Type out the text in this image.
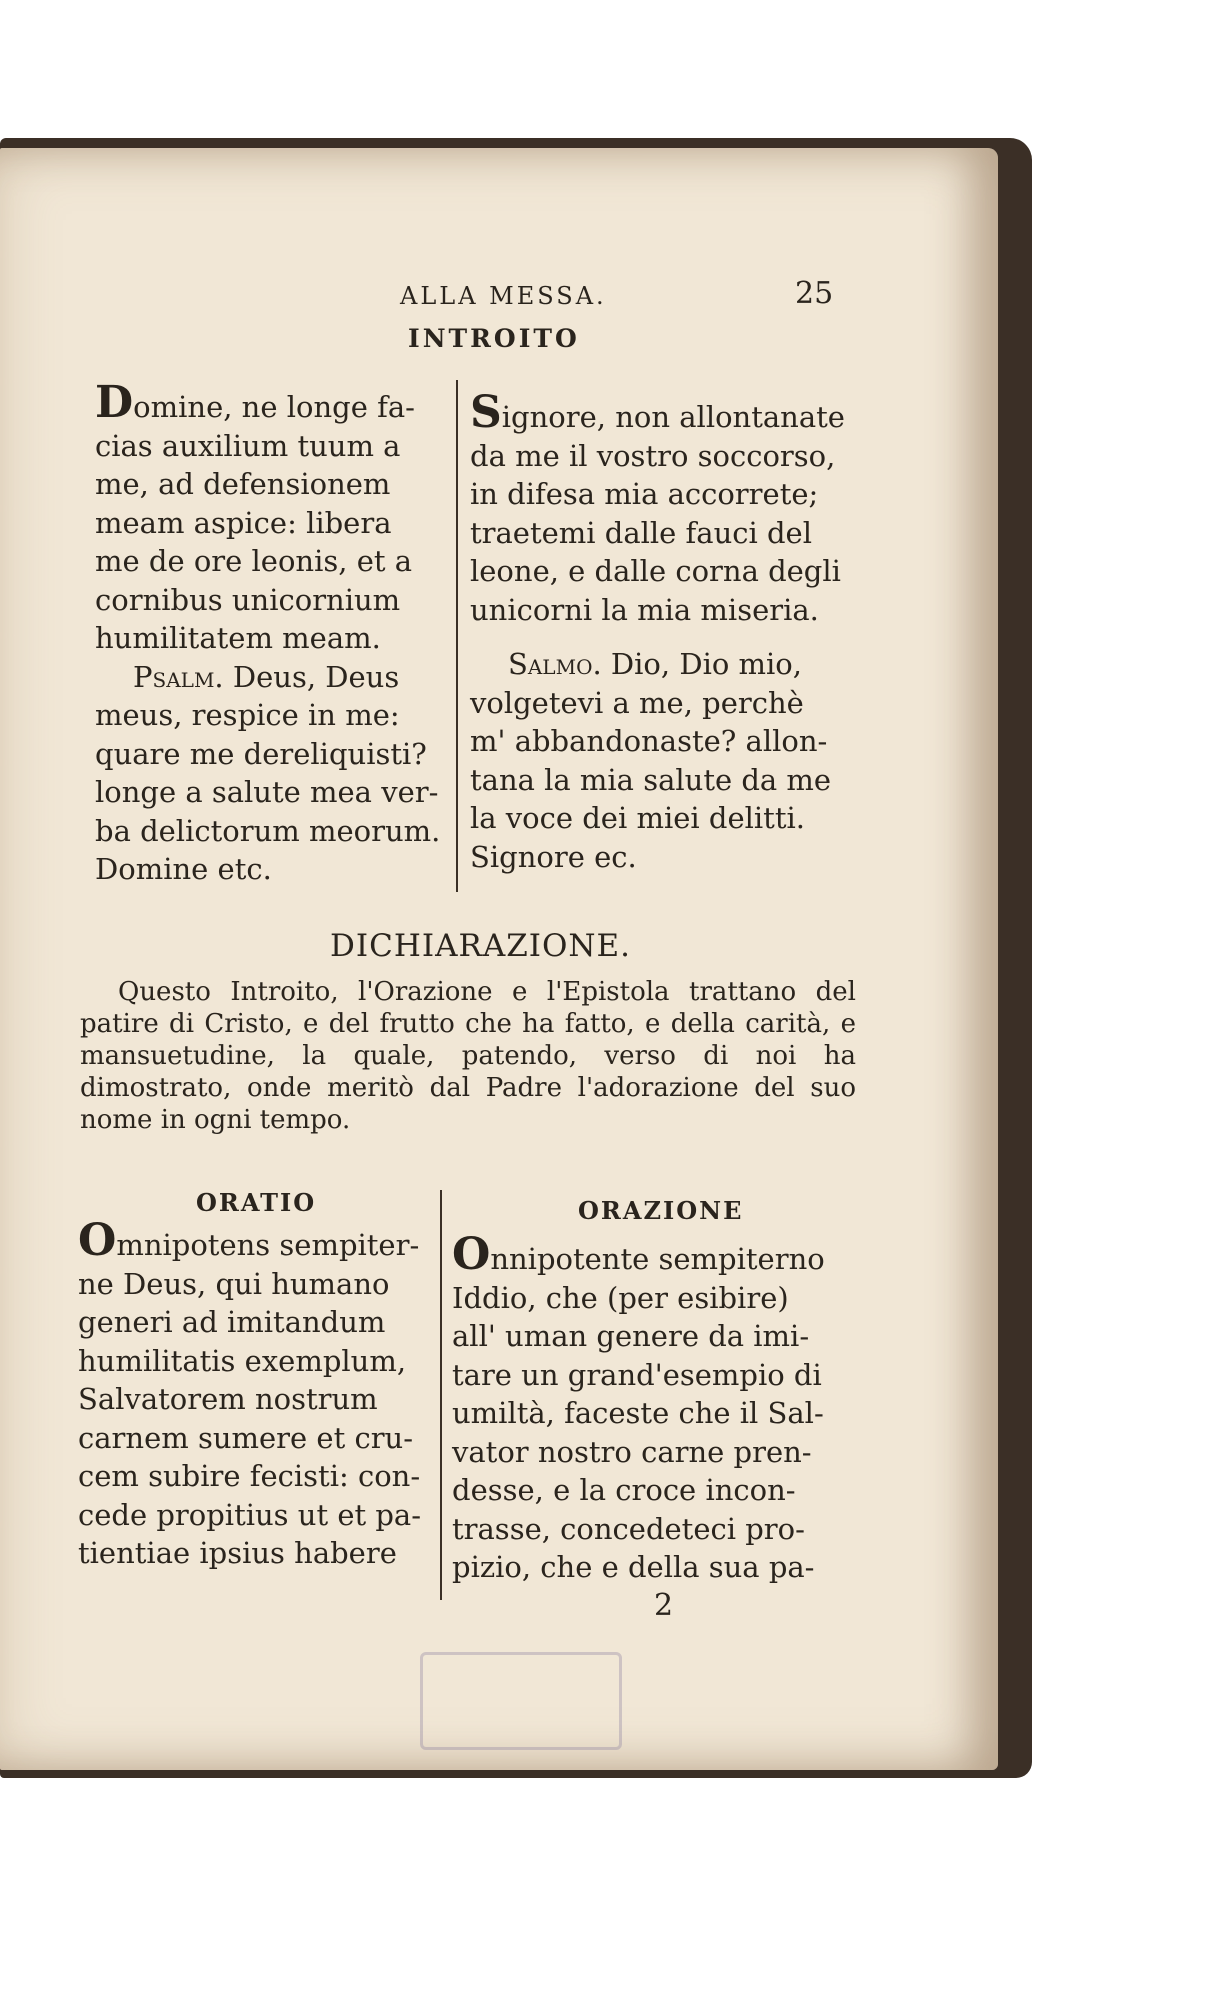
ALLA MESSA.	25
INTROITO
Domine, ne longe fa-
cias auxilium tuum a
me, ad defensionem
meam aspice: libera
me de ore leonis, et a
cornibus unicornium
humilitatem meam.
Psalm. Deus, Deus
meus, respice in me:
quare me dereliquisti?
longe a salute mea ver-
ba delictorum meorum.
Domine etc.
Signore, non allontanate
da me il vostro soccorso,
in difesa mia accorrete;
traetemi dalle fauci del
leone, e dalle corna degli
unicorni la mia miseria.
Salmo. Dio, Dio mio,
volgetevi a me, perchè
m' abbandonaste? allon-
tana la mia salute da me
la voce dei miei delitti.
Signore ec.
DICHIARAZIONE.
Questo Introito, l'Orazione e l'Epistola trattano del patire di Cristo, e del frutto che ha fatto, e della carità, e mansuetudine, la quale, patendo, verso di noi ha dimostrato, onde meritò dal Padre l'adorazione del suo nome in ogni tempo.
ORATIO	ORAZIONE
Omnipotens sempiter-
ne Deus, qui humano
generi ad imitandum
humilitatis exemplum,
Salvatorem nostrum
carnem sumere et cru-
cem subire fecisti: con-
cede propitius ut et pa-
tientiae ipsius habere
Onnipotente sempiterno
Iddio, che (per esibire)
all' uman genere da imi-
tare un grand'esempio di
umiltà, faceste che il Sal-
vator nostro carne pren-
desse, e la croce incon-
trasse, concedeteci pro-
pizio, che e della sua pa-
2
